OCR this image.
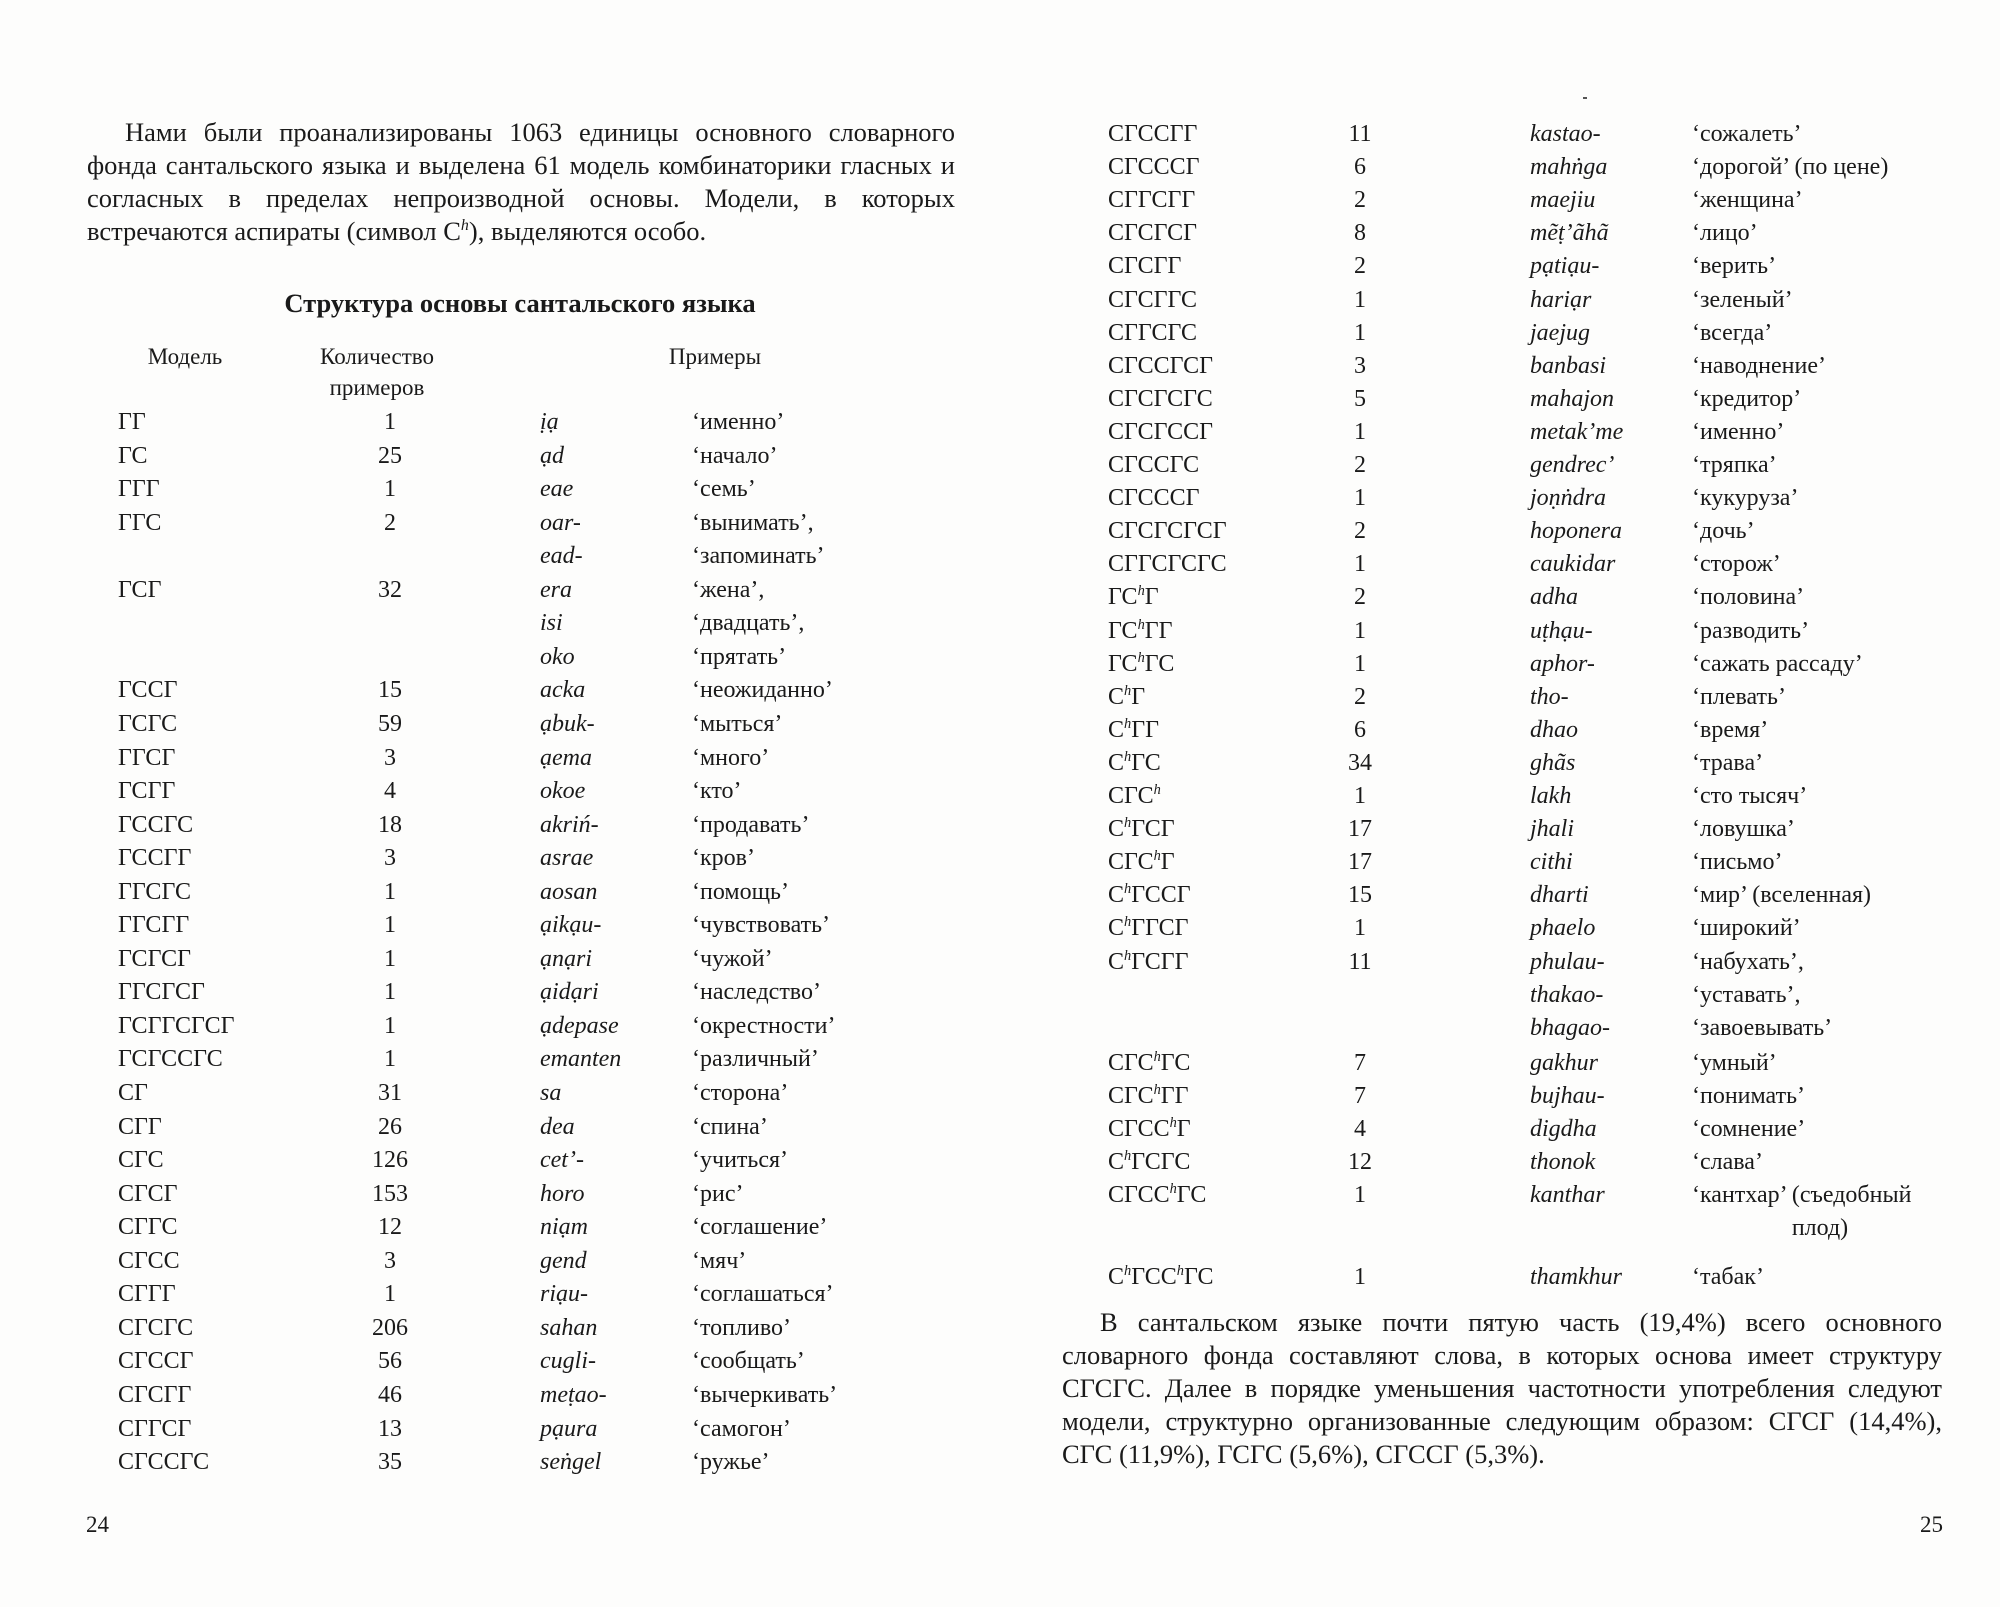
Нами были проанализированы 1063 единицы основного словарного фонда сантальского языка и выделена 61 модель комбинаторики гласных и согласных в пределах непроизводной основы. Модели, в которых встречаются аспираты (символ $C^h$), выделяются особо.

Структура основы сантальского языка
Модель	Количество примеров
Примеры
ГГ	1	ịạ	‘именно’
ГС	25	ạd	‘начало’
ГГГ	1	eae	‘семь’
ГГС	2	oar-	‘вынимать’,
ead-	‘запоминать’
ГСГ	32	era	‘жена’,
isi	‘двадцать’,
oko	‘прятать’
ГССГ	15	acka	‘неожиданно’
ГСГС	59	ạbuk-	‘мыться’
ГГСГ	3	ạema	‘много’
ГСГГ	4	okoe	‘кто’
ГССГС	18	akriń-	‘продавать’
ГССГГ	3	asrae	‘кров’
ГГСГС	1	aosan	‘помощь’
ГГСГГ	1	ạikạu-	‘чувствовать’
ГСГСГ	1	ạnạri	‘чужой’
ГГСГСГ	1	ạidạri	‘наследство’
ГСГГСГСГ	1	ạdepase	‘окрестности’
ГСГССГС	1	emanten	‘различный’
СГ	31	sa	‘сторона’
СГГ	26	dea	‘спина’
СГС	126	cet’-	‘учиться’
СГСГ	153	horo	‘рис’
СГГС	12	niạm	‘соглашение’
СГСС	3	gend	‘мяч’
СГГГ	1	riạu-	‘соглашаться’
СГСГС	206	sahan	‘топливо’
СГССГ	56	cugli-	‘сообщать’
СГСГГ	46	meṭao-	‘вычеркивать’
СГГСГ	13	pạura	‘самогон’
СГССГС	35	seṅgel	‘ружье’
24
СГССГГ	11	kastao-	‘сожалеть’
СГСССГ	6	mahṅga	‘дорогой’ (по цене)
СГГСГГ	2	maejiu	‘женщина’
СГСГСГ	8	mẽṭ’ãhã	‘лицо’
СГСГГ	2	pạtiạu-	‘верить’
СГСГГС	1	hariạr	‘зеленый’
СГГСГС	1	jaejug	‘всегда’
СГССГСГ	3	banbasi	‘наводнение’
СГСГСГС	5	mahajon	‘кредитор’
СГСГССГ	1	metak’me	‘именно’
СГССГС	2	gendrec’	‘тряпка’
СГСССГ	1	joṇṅdra	‘кукуруза’
СГСГСГСГ	2	hoponera	‘дочь’
СГГСГСГС	1	caukidar	‘сторож’
$ГС^hГ$	2	adha	‘половина’
$ГС^hГГ$	1	uṭhạu-	‘разводить’
$ГС^hГС$	1	aphor-	‘сажать рассаду’
$С^hГ$	2	tho-	‘плевать’
$С^hГГ$	6	dhao	‘время’
$С^hГС$	34	ghãs	‘трава’
СГС$^h$	1	lakh	‘сто тысяч’
$С^hГСГ$	17	jhali	‘ловушка’
СГС$^h$Г	17	cithi	‘письмо’
$С^hГССГ$	15	dharti	‘мир’ (вселенная)
$С^hГГСГ$	1	phaelo	‘широкий’
$С^hГСГГ$	11	phulau-	‘набухать’,
thakao-	‘уставать’,
bhagao-	‘завоевывать’
СГС$^h$ГС	7	gakhur	‘умный’
СГС$^h$ГГ	7	bujhau-	‘понимать’
СГСС$^h$Г	4	digdha	‘сомнение’
$С^hГСГС$	12	thonok	‘слава’
СГСС$^h$ГС	1	kanthar	‘кантхар’ (съедобный
плод)
$С^hГСС^hГС$	1	thamkhur	‘табак’

В сантальском языке почти пятую часть (19,4%) всего основного словарного фонда составляют слова, в которых основа имеет структуру СГСГС. Далее в порядке уменьшения частотности употребления следуют модели, структурно организованные следующим образом: СГСГ (14,4%), СГС (11,9%), ГСГС (5,6%), СГССГ (5,3%).

25
